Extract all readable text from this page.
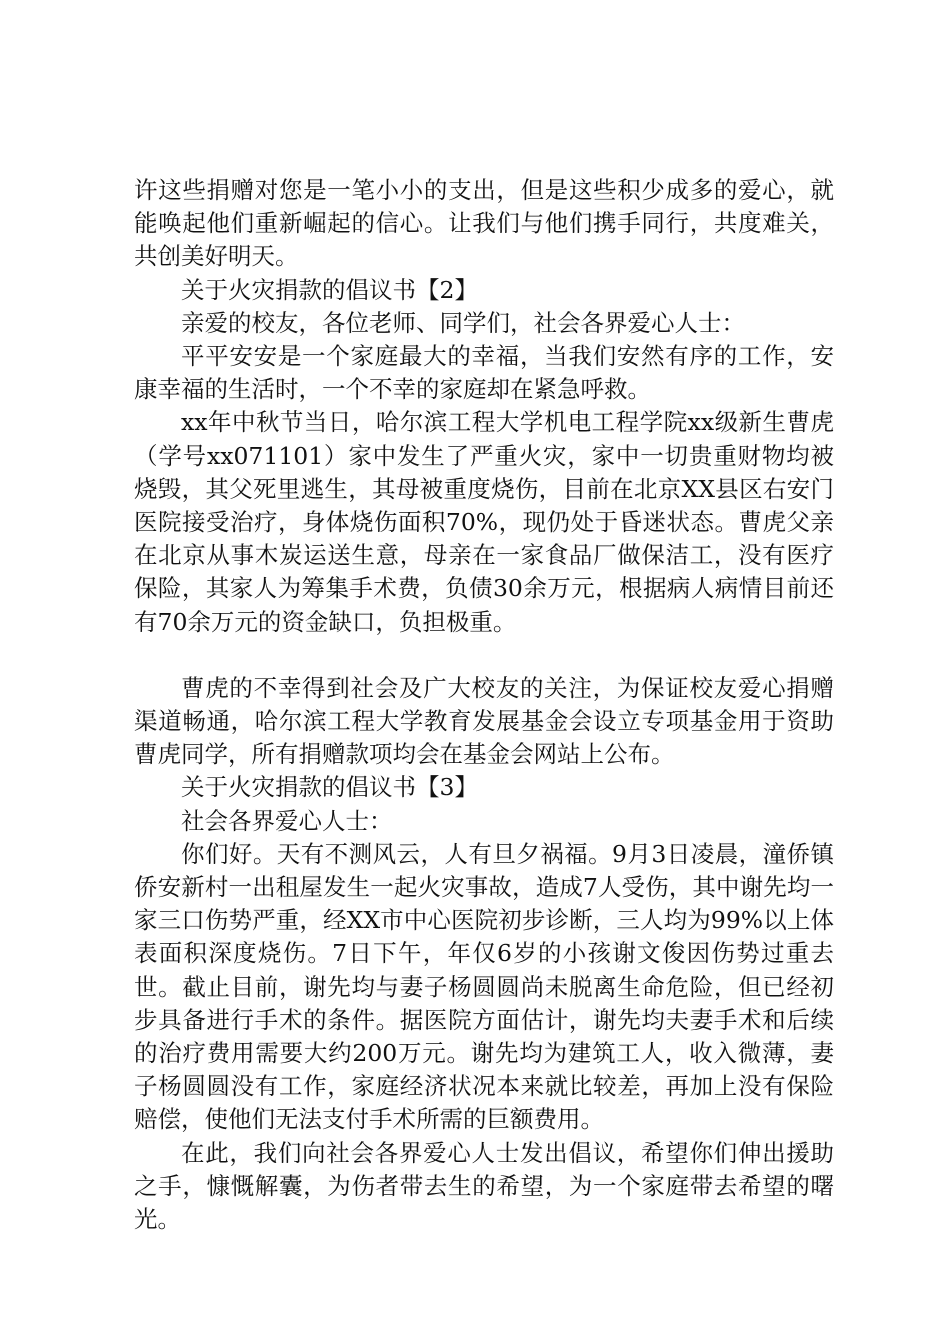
许这些捐赠对您是一笔小小的支出，但是这些积少成多的爱心，就能唤起他们重新崛起的信心。让我们与他们携手同行，共度难关，共创美好明天。

关于火灾捐款的倡议书【2】

亲爱的校友，各位老师、同学们，社会各界爱心人士：

平平安安是一个家庭最大的幸福，当我们安然有序的工作，安康幸福的生活时，一个不幸的家庭却在紧急呼救。

xx年中秋节当日，哈尔滨工程大学机电工程学院xx级新生曹虎（学号xx071101）家中发生了严重火灾，家中一切贵重财物均被烧毁，其父死里逃生，其母被重度烧伤，目前在北京XX县区右安门医院接受治疗，身体烧伤面积70%，现仍处于昏迷状态。曹虎父亲在北京从事木炭运送生意，母亲在一家食品厂做保洁工，没有医疗保险，其家人为筹集手术费，负债30余万元，根据病人病情目前还有70余万元的资金缺口，负担极重。

曹虎的不幸得到社会及广大校友的关注，为保证校友爱心捐赠渠道畅通，哈尔滨工程大学教育发展基金会设立专项基金用于资助曹虎同学，所有捐赠款项均会在基金会网站上公布。

关于火灾捐款的倡议书【3】

社会各界爱心人士：

你们好。天有不测风云，人有旦夕祸福。9月3日凌晨，潼侨镇侨安新村一出租屋发生一起火灾事故，造成7人受伤，其中谢先均一家三口伤势严重，经XX市中心医院初步诊断，三人均为99%以上体表面积深度烧伤。7日下午，年仅6岁的小孩谢文俊因伤势过重去世。截止目前，谢先均与妻子杨圆圆尚未脱离生命危险，但已经初步具备进行手术的条件。据医院方面估计，谢先均夫妻手术和后续的治疗费用需要大约200万元。谢先均为建筑工人，收入微薄，妻子杨圆圆没有工作，家庭经济状况本来就比较差，再加上没有保险赔偿，使他们无法支付手术所需的巨额费用。

在此，我们向社会各界爱心人士发出倡议，希望你们伸出援助之手，慷慨解囊，为伤者带去生的希望，为一个家庭带去希望的曙光。
